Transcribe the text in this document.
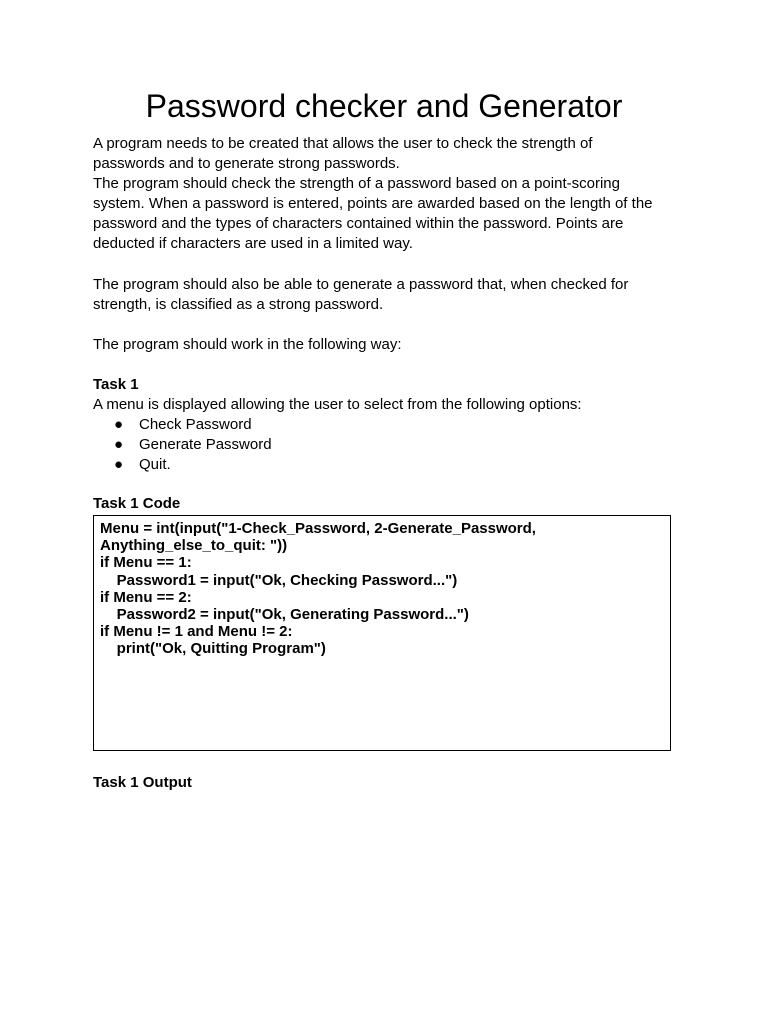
Password checker and Generator

A program needs to be created that allows the user to check the strength of

passwords and to generate strong passwords.

The program should check the strength of a password based on a point-scoring

system. When a password is entered, points are awarded based on the length of the

password and the types of characters contained within the password. Points are

deducted if characters are used in a limited way.

The program should also be able to generate a password that, when checked for

strength, is classified as a strong password.

The program should work in the following way:

Task 1

A menu is displayed allowing the user to select from the following options:

● Check Password
● Generate Password
● Quit.
Task 1 Code

Menu = int(input("1-Check_Password, 2-Generate_Password,

Anything_else_to_quit: "))

if Menu == 1:

Password1 = input("Ok, Checking Password...")

if Menu == 2:

Password2 = input("Ok, Generating Password...")

if Menu != 1 and Menu != 2:

print("Ok, Quitting Program")

Task 1 Output
